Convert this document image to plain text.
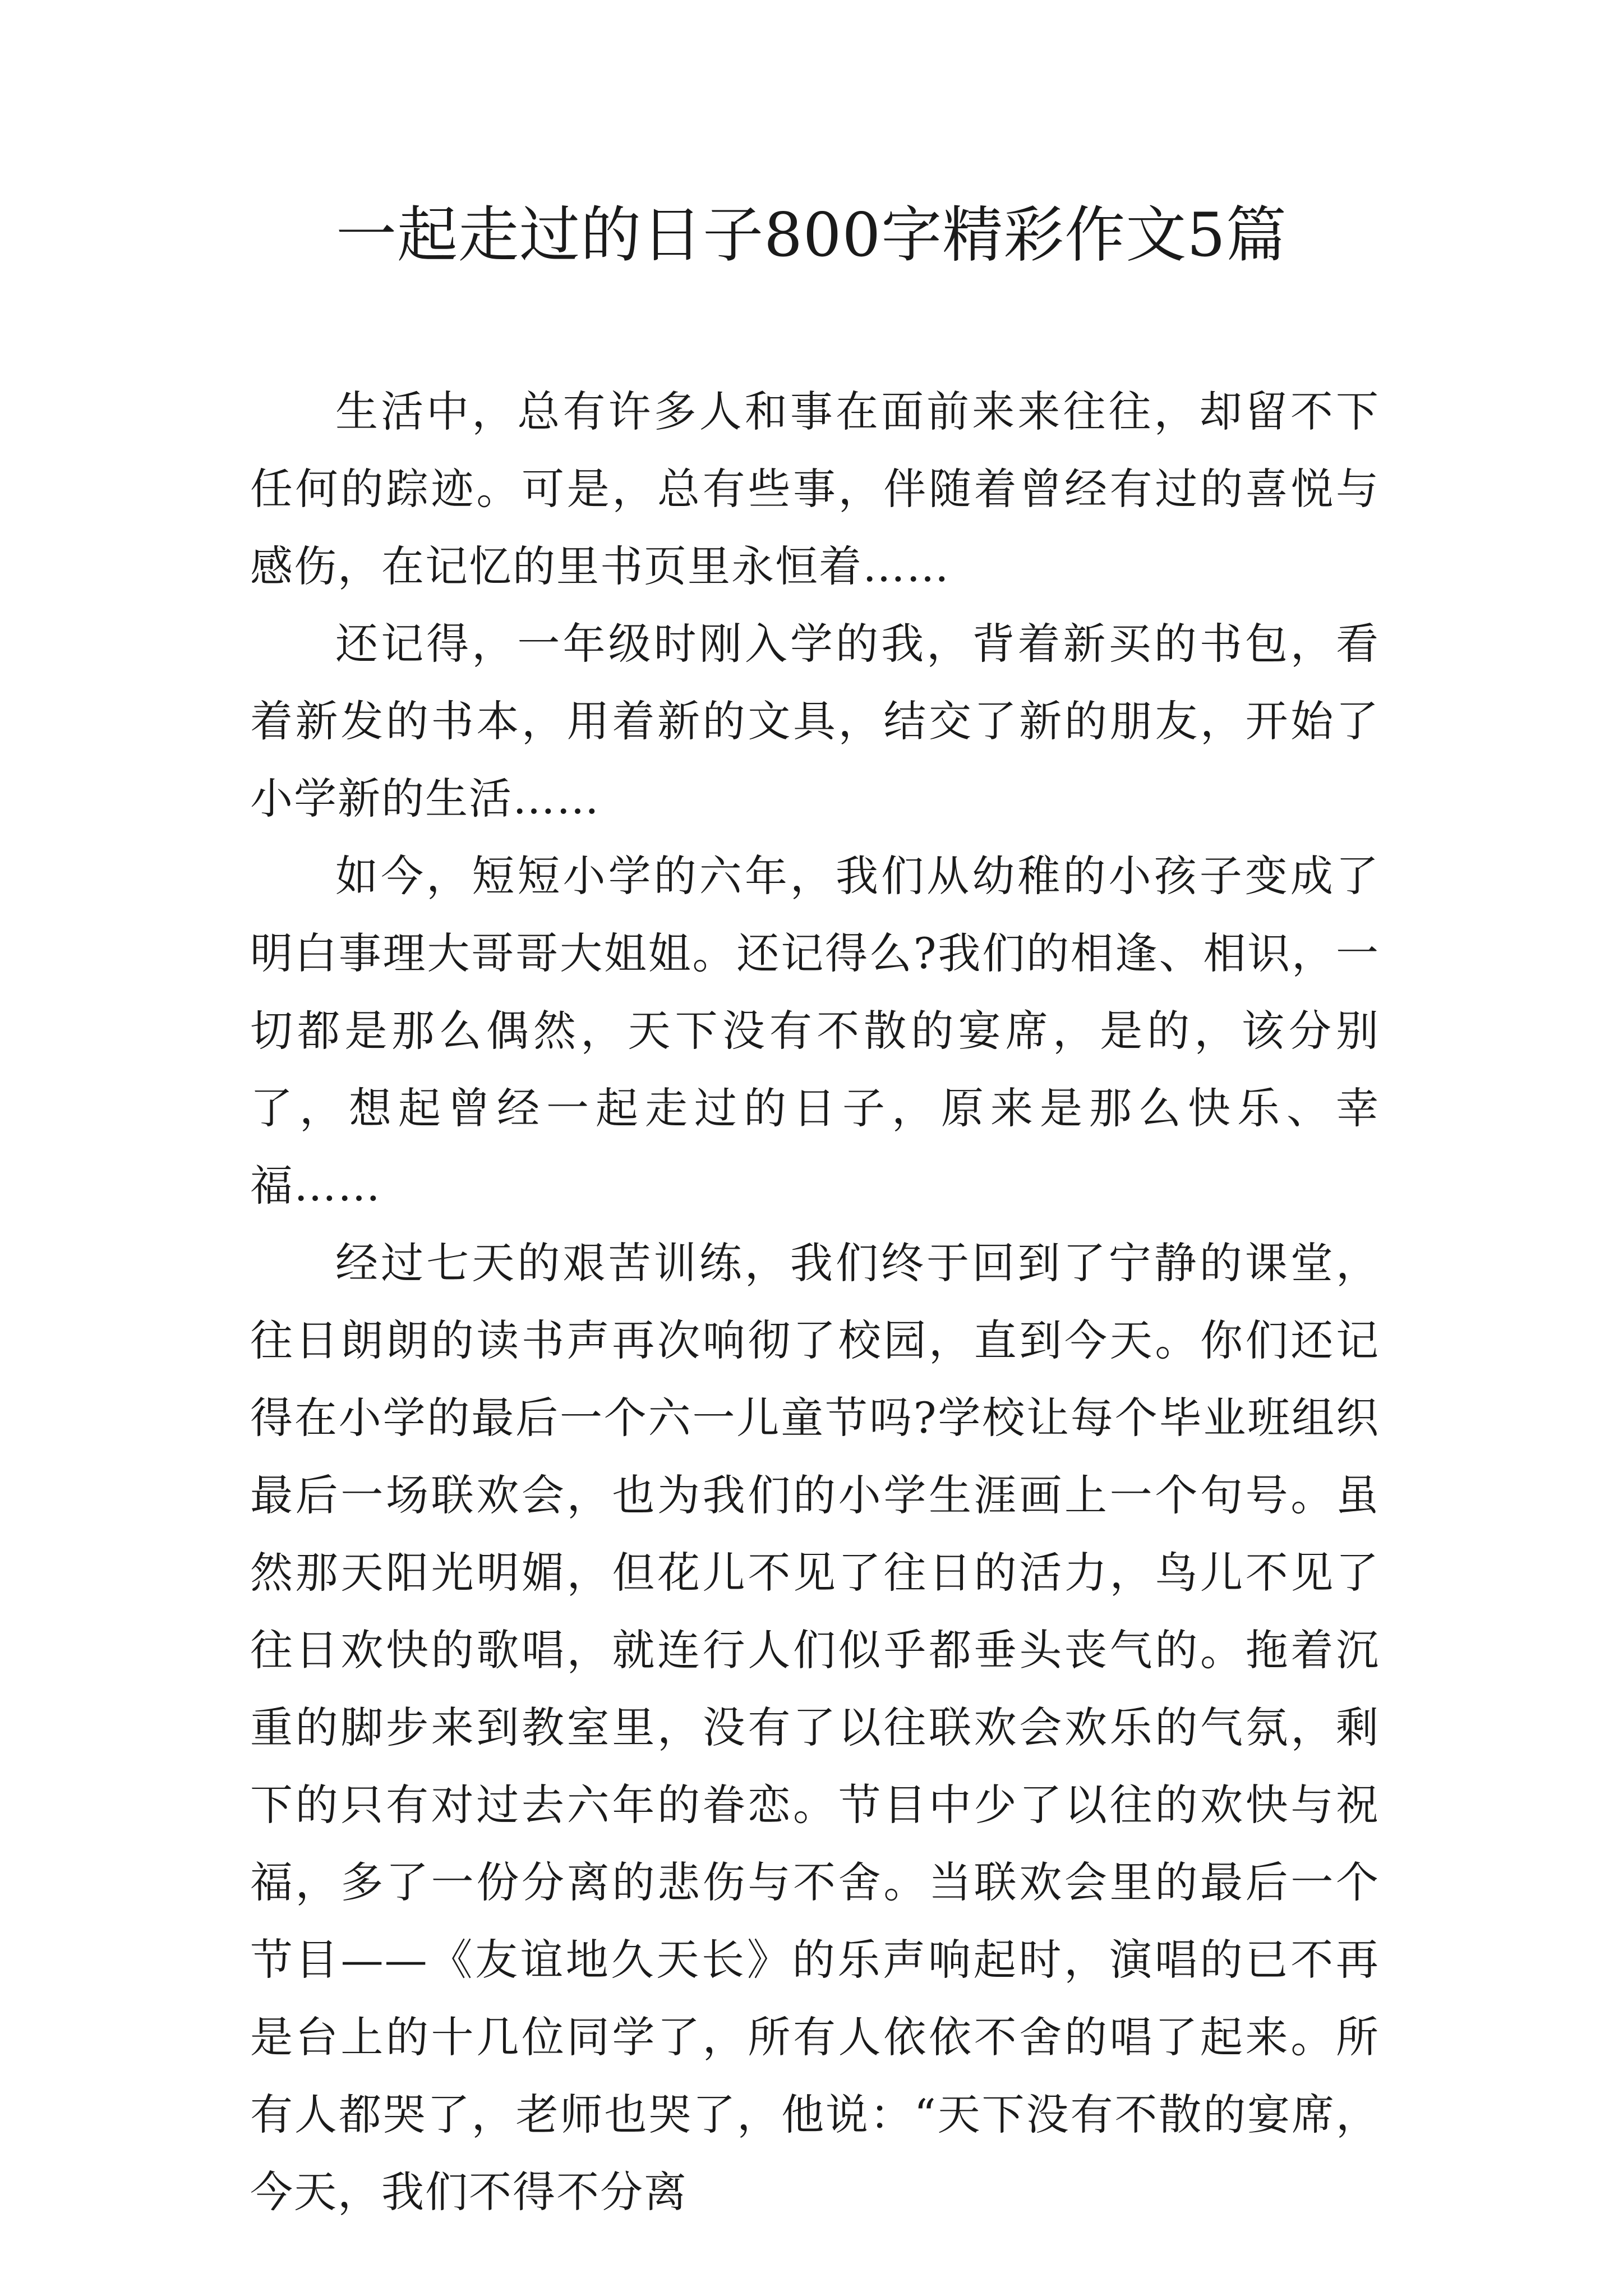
一起走过的日子800字精彩作文5篇

生活中，总有许多人和事在面前来来往往，却留不下任何的踪迹。可是，总有些事，伴随着曾经有过的喜悦与感伤，在记忆的里书页里永恒着……

还记得，一年级时刚入学的我，背着新买的书包，看着新发的书本，用着新的文具，结交了新的朋友，开始了小学新的生活……

如今，短短小学的六年，我们从幼稚的小孩子变成了明白事理大哥哥大姐姐。还记得么?我们的相逢、相识，一切都是那么偶然，天下没有不散的宴席，是的，该分别了，想起曾经一起走过的日子，原来是那么快乐、幸福……

经过七天的艰苦训练，我们终于回到了宁静的课堂，往日朗朗的读书声再次响彻了校园，直到今天。你们还记得在小学的最后一个六一儿童节吗?学校让每个毕业班组织最后一场联欢会，也为我们的小学生涯画上一个句号。虽然那天阳光明媚，但花儿不见了往日的活力，鸟儿不见了往日欢快的歌唱，就连行人们似乎都垂头丧气的。拖着沉重的脚步来到教室里，没有了以往联欢会欢乐的气氛，剩下的只有对过去六年的眷恋。节目中少了以往的欢快与祝福，多了一份分离的悲伤与不舍。当联欢会里的最后一个节目——《友谊地久天长》的乐声响起时，演唱的已不再是台上的十几位同学了，所有人依依不舍的唱了起来。所有人都哭了，老师也哭了，他说：“天下没有不散的宴席，今天，我们不得不分离
